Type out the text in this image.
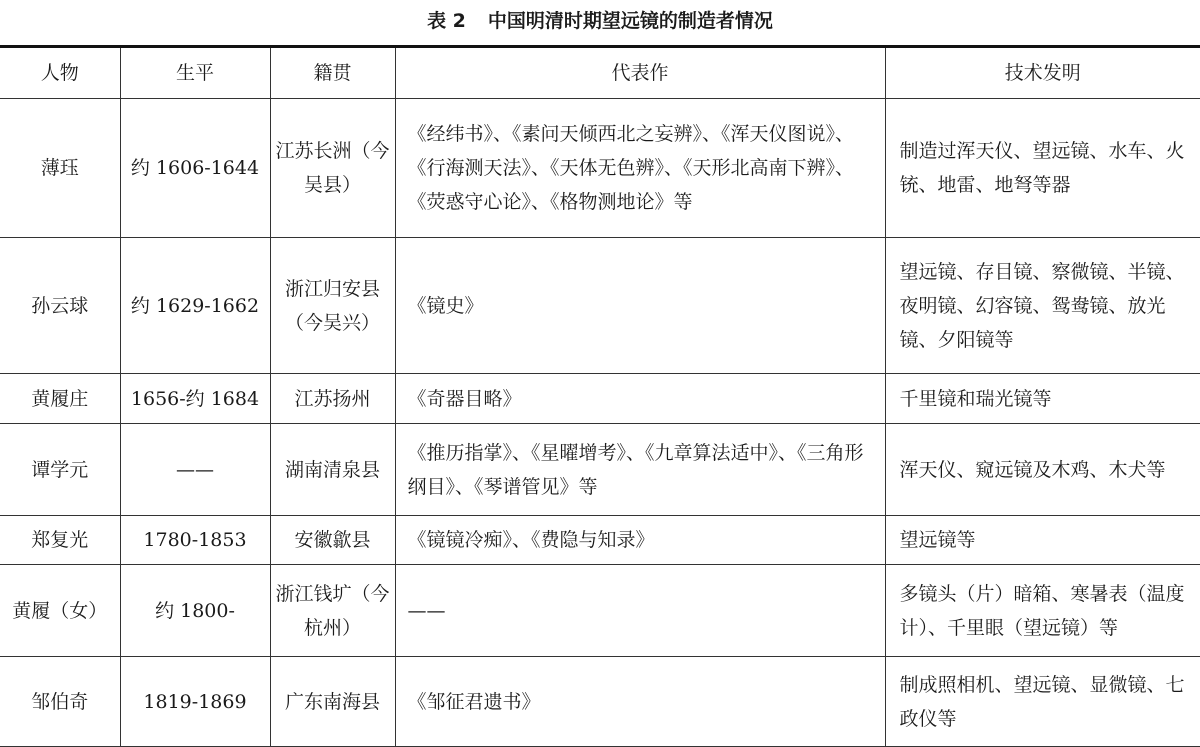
表 2 中国明清时期望远镜的制造者情况
人物	生平	籍贯	代表作	技术发明
薄珏	约 1606-1644	江苏长洲（今吴县）	《经纬书》、《素问天倾西北之妄辨》、《浑天仪图说》、《行海测天法》、《天体无色辨》、《天形北高南下辨》、《荧惑守心论》、《格物测地论》等	制造过浑天仪、望远镜、水车、火铳、地雷、地弩等器
孙云球	约 1629-1662	浙江归安县（今吴兴）	《镜史》	望远镜、存目镜、察微镜、半镜、夜明镜、幻容镜、鸳鸯镜、放光镜、夕阳镜等
黄履庄	1656-约 1684	江苏扬州	《奇器目略》	千里镜和瑞光镜等
谭学元	——	湖南清泉县	《推历指掌》、《星曜增考》、《九章算法适中》、《三角形纲目》、《琴谱管见》等	浑天仪、窥远镜及木鸡、木犬等
郑复光	1780-1853	安徽歙县	《镜镜冷痴》、《费隐与知录》	望远镜等
黄履（女）	约 1800-	浙江钱圹（今杭州）	——	多镜头（片）暗箱、寒暑表（温度计）、千里眼（望远镜）等
邹伯奇	1819-1869	广东南海县	《邹征君遗书》	制成照相机、望远镜、显微镜、七政仪等
